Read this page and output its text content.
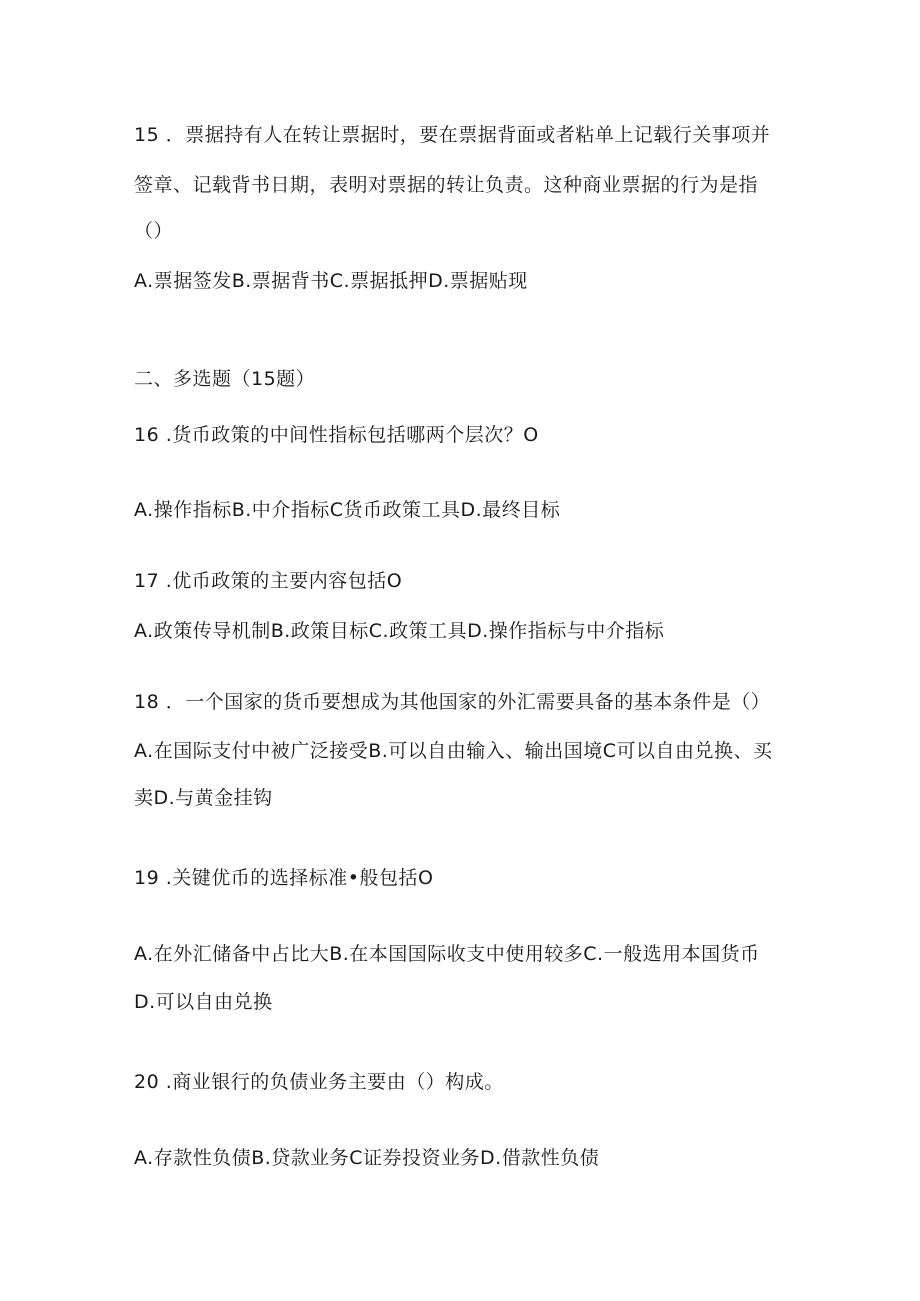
15 ．票据持有人在转让票据时，要在票据背面或者粘单上记载行关事项并
签章、记载背书日期，表明对票据的转让负责。这种商业票据的行为是指
（）
A.票据签发B.票据背书C.票据抵押D.票据贴现
二、多选题（15题）
16 .货币政策的中间性指标包括哪两个层次？O
A.操作指标B.中介指标C货币政策工具D.最终目标
17 .优币政策的主要内容包括O
A.政策传导机制B.政策目标C.政策工具D.操作指标与中介指标
18 ．一个国家的货币要想成为其他国家的外汇需要具备的基本条件是（）
A.在国际支付中被广泛接受B.可以自由输入、输出国境C可以自由兑换、买
卖D.与黄金挂钩
19 .关键优币的选择标准•般包括O
A.在外汇储备中占比大B.在本国国际收支中使用较多C.一般选用本国货币
D.可以自由兑换
20 .商业银行的负债业务主要由（）构成。
A.存款性负债B.贷款业务C证券投资业务D.借款性负债
